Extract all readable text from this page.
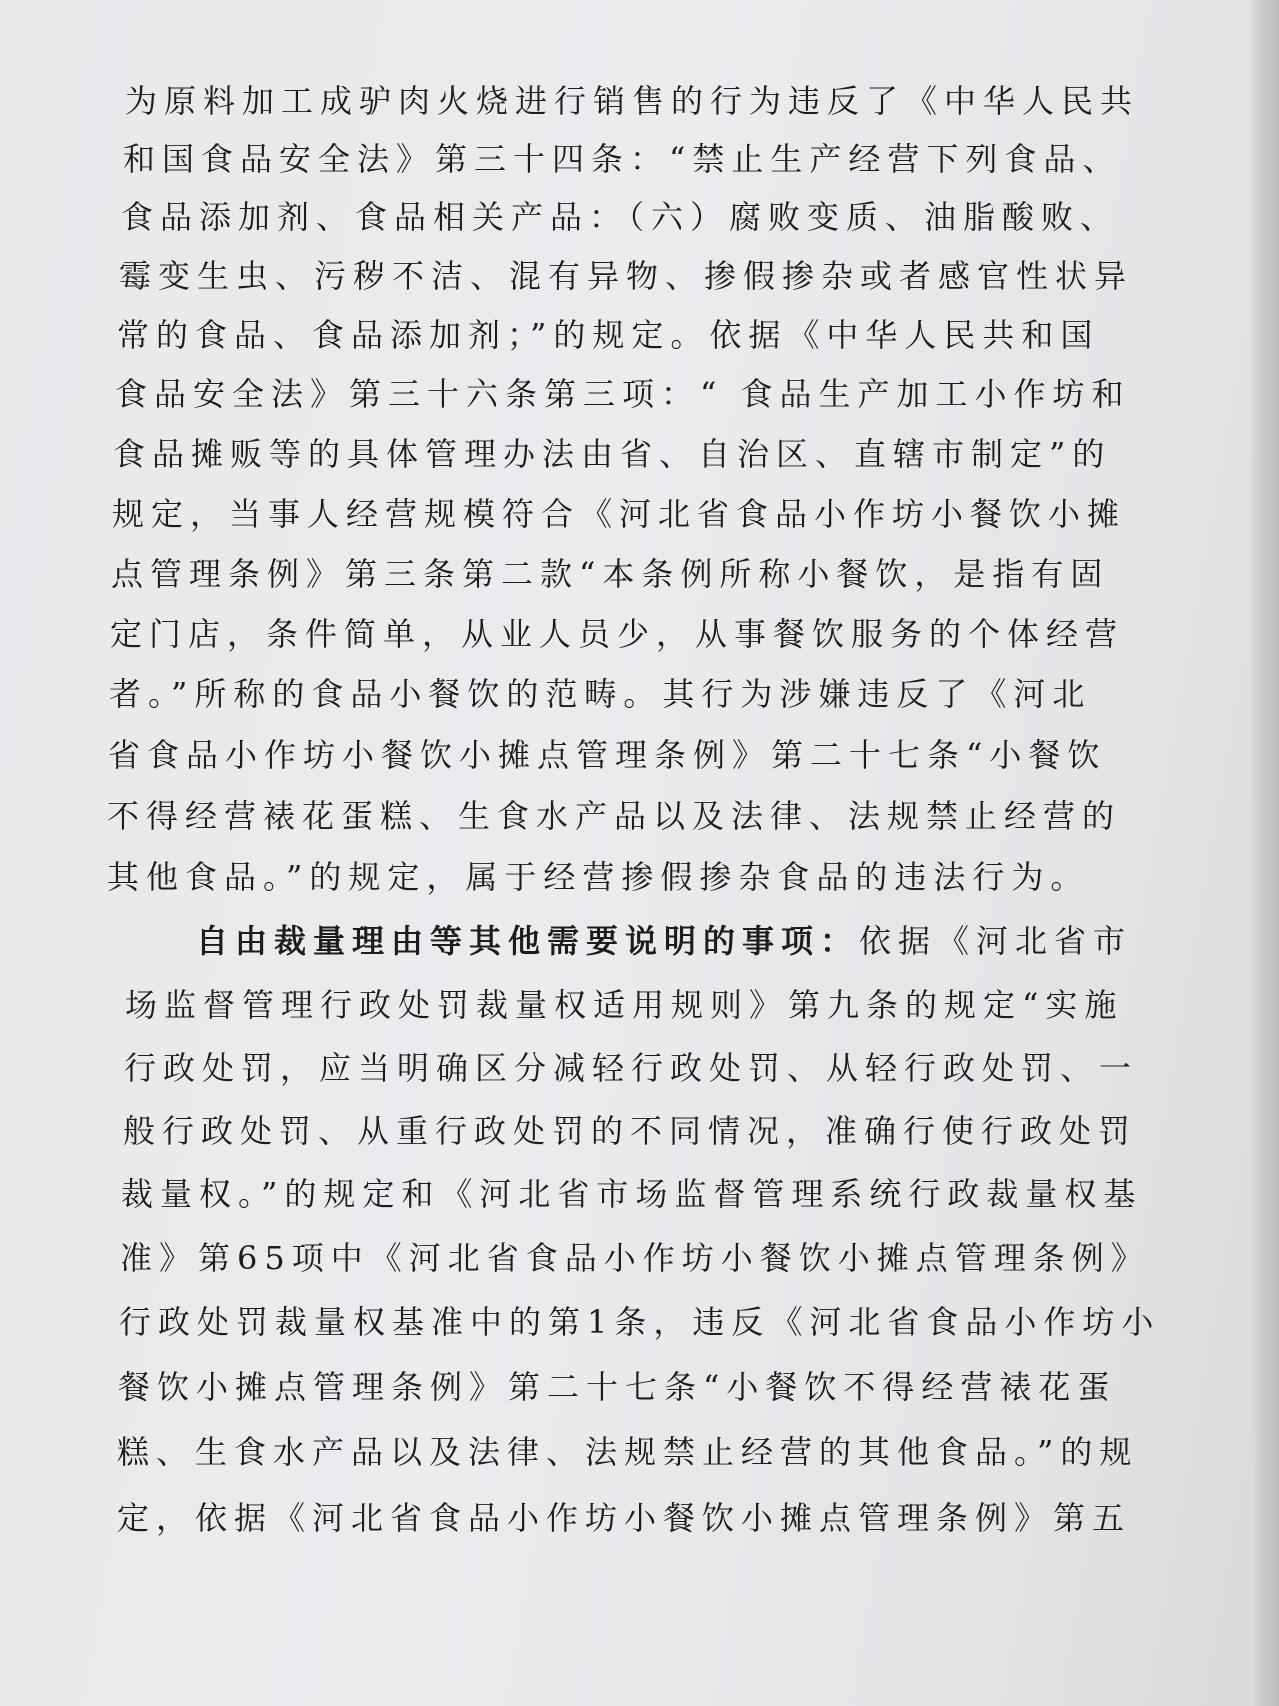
为原料加工成驴肉火烧进行销售的行为违反了《中华人民共
和国食品安全法》第三十四条：“禁止生产经营下列食品、
食品添加剂、食品相关产品：（六）腐败变质、油脂酸败、
霉变生虫、污秽不洁、混有异物、掺假掺杂或者感官性状异
常的食品、食品添加剂；”的规定。依据《中华人民共和国
食品安全法》第三十六条第三项：“ 食品生产加工小作坊和
食品摊贩等的具体管理办法由省、自治区、直辖市制定”的
规定，当事人经营规模符合《河北省食品小作坊小餐饮小摊
点管理条例》第三条第二款“本条例所称小餐饮，是指有固
定门店，条件简单，从业人员少，从事餐饮服务的个体经营
者。”所称的食品小餐饮的范畴。其行为涉嫌违反了《河北
省食品小作坊小餐饮小摊点管理条例》第二十七条“小餐饮
不得经营裱花蛋糕、生食水产品以及法律、法规禁止经营的
其他食品。”的规定，属于经营掺假掺杂食品的违法行为。
自由裁量理由等其他需要说明的事项：依据《河北省市
场监督管理行政处罚裁量权适用规则》第九条的规定“实施
行政处罚，应当明确区分减轻行政处罚、从轻行政处罚、一
般行政处罚、从重行政处罚的不同情况，准确行使行政处罚
裁量权。”的规定和《河北省市场监督管理系统行政裁量权基
准》第65项中《河北省食品小作坊小餐饮小摊点管理条例》
行政处罚裁量权基准中的第1条，违反《河北省食品小作坊小
餐饮小摊点管理条例》第二十七条“小餐饮不得经营裱花蛋
糕、生食水产品以及法律、法规禁止经营的其他食品。”的规
定，依据《河北省食品小作坊小餐饮小摊点管理条例》第五
